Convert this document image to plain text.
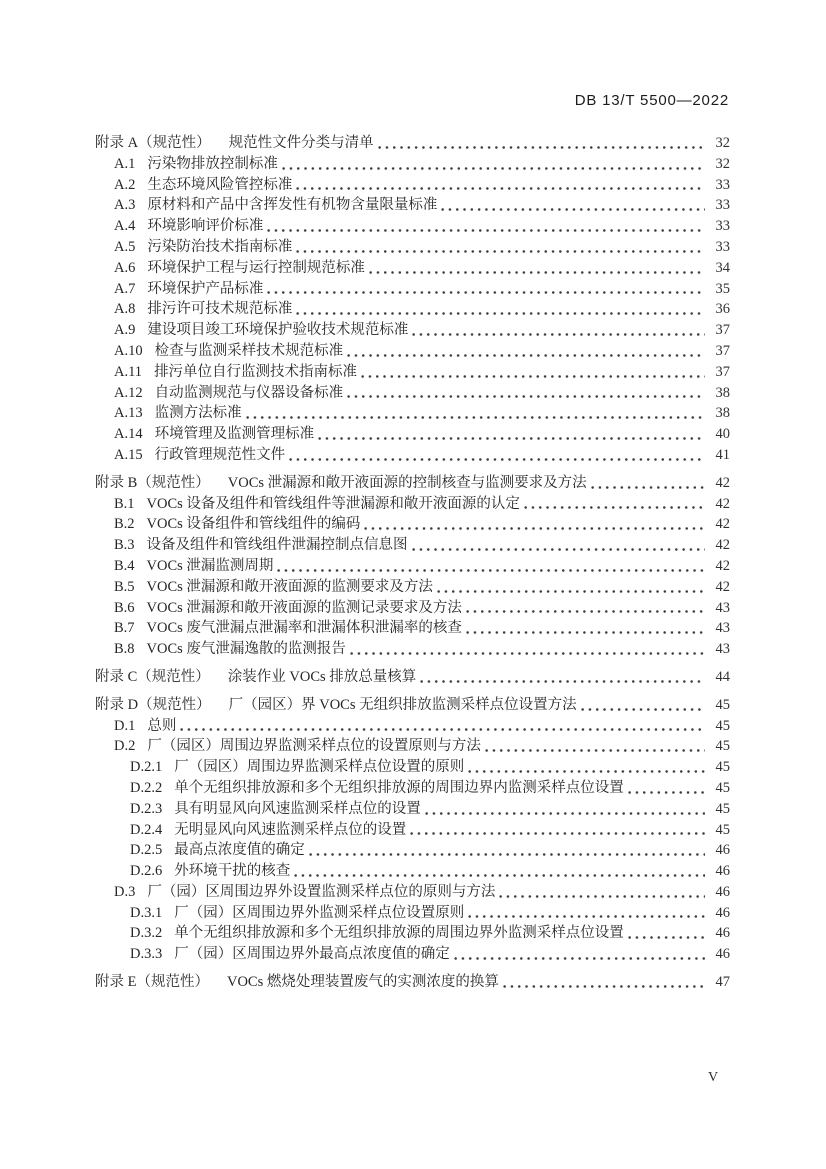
DB 13/T 5500—2022
附录 A（规范性） 规范性文件分类与清单	32
A.1 污染物排放控制标准	32
A.2 生态环境风险管控标准	33
A.3 原材料和产品中含挥发性有机物含量限量标准	33
A.4 环境影响评价标准	33
A.5 污染防治技术指南标准	33
A.6 环境保护工程与运行控制规范标准	34
A.7 环境保护产品标准	35
A.8 排污许可技术规范标准	36
A.9 建设项目竣工环境保护验收技术规范标准	37
A.10 检查与监测采样技术规范标准	37
A.11 排污单位自行监测技术指南标准	37
A.12 自动监测规范与仪器设备标准	38
A.13 监测方法标准	38
A.14 环境管理及监测管理标准	40
A.15 行政管理规范性文件	41
附录 B（规范性） VOCs 泄漏源和敞开液面源的控制核查与监测要求及方法	42
B.1 VOCs 设备及组件和管线组件等泄漏源和敞开液面源的认定	42
B.2 VOCs 设备组件和管线组件的编码	42
B.3 设备及组件和管线组件泄漏控制点信息图	42
B.4 VOCs 泄漏监测周期	42
B.5 VOCs 泄漏源和敞开液面源的监测要求及方法	42
B.6 VOCs 泄漏源和敞开液面源的监测记录要求及方法	43
B.7 VOCs 废气泄漏点泄漏率和泄漏体积泄漏率的核查	43
B.8 VOCs 废气泄漏逸散的监测报告	43
附录 C（规范性） 涂装作业 VOCs 排放总量核算	44
附录 D（规范性） 厂（园区）界 VOCs 无组织排放监测采样点位设置方法	45
D.1 总则	45
D.2 厂（园区）周围边界监测采样点位的设置原则与方法	45
D.2.1 厂（园区）周围边界监测采样点位设置的原则	45
D.2.2 单个无组织排放源和多个无组织排放源的周围边界内监测采样点位设置	45
D.2.3 具有明显风向风速监测采样点位的设置	45
D.2.4 无明显风向风速监测采样点位的设置	45
D.2.5 最高点浓度值的确定	46
D.2.6 外环境干扰的核查	46
D.3 厂（园）区周围边界外设置监测采样点位的原则与方法	46
D.3.1 厂（园）区周围边界外监测采样点位设置原则	46
D.3.2 单个无组织排放源和多个无组织排放源的周围边界外监测采样点位设置	46
D.3.3 厂（园）区周围边界外最高点浓度值的确定	46
附录 E（规范性） VOCs 燃烧处理装置废气的实测浓度的换算	47
V
